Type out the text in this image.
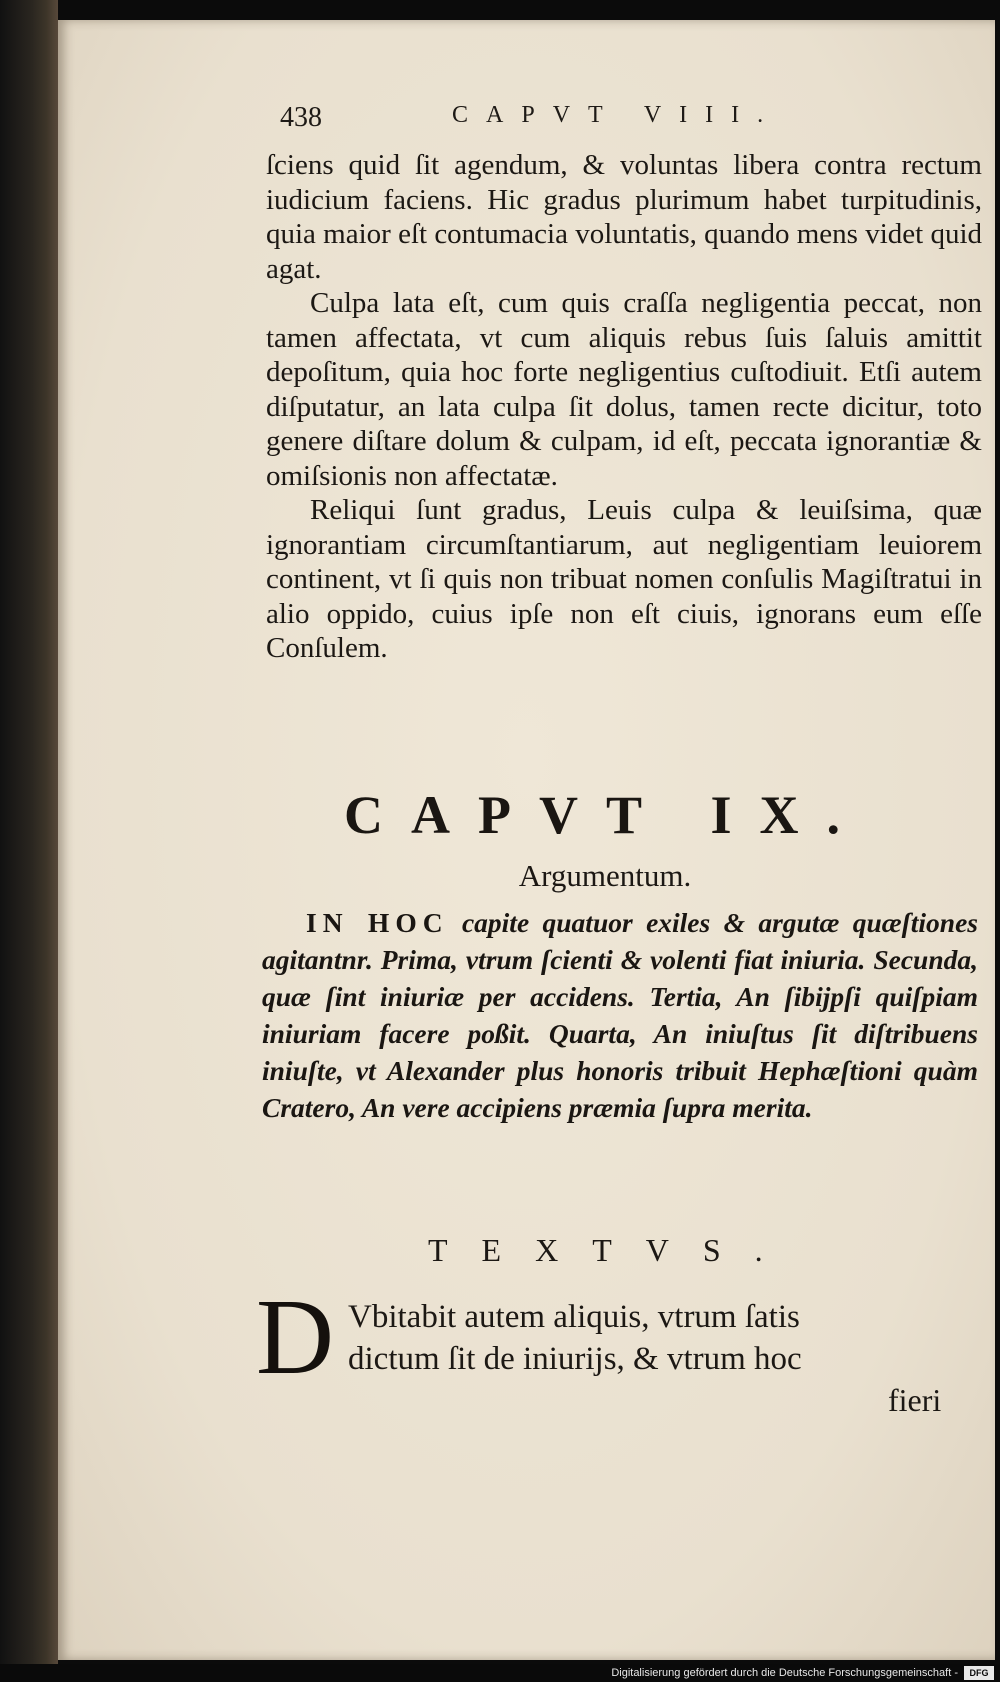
438	CAPVT VIII.

ſciens quid ſit agendum, & voluntas libera contra rectum iudicium faciens. Hic gradus plurimum habet turpitudinis, quia maior eſt contumacia voluntatis, quando mens videt quid agat.

Culpa lata eſt, cum quis craſſa negligentia peccat, non tamen affectata, vt cum aliquis rebus ſuis ſaluis amittit depoſitum, quia hoc forte negligentius cuſtodiuit. Etſi autem diſputatur, an lata culpa ſit dolus, tamen recte dicitur, toto genere diſtare dolum & culpam, id eſt, peccata ignorantiæ & omiſsionis non affectatæ.

Reliqui ſunt gradus, Leuis culpa & leuiſsima, quæ ignorantiam circumſtantiarum, aut negligentiam leuiorem continent, vt ſi quis non tribuat nomen conſulis Magiſtratui in alio oppido, cuius ipſe non eſt ciuis, ignorans eum eſſe Conſulem.

CAPVT IX.
Argumentum.

IN HOC capite quatuor exiles & argutæ quæſtiones agitantnr. Prima, vtrum ſcienti & volenti fiat iniuria. Secunda, quæ ſint iniuriæ per accidens. Tertia, An ſibijpſi quiſpiam iniuriam facere poßit. Quarta, An iniuſtus ſit diſtribuens iniuſte, vt Alexander plus honoris tribuit Hephæſtioni quàm Cratero, An vere accipiens præmia ſupra merita.

TEXTVS.
D Vbitabit autem aliquis, vtrum ſatis
dictum ſit de iniurijs, & vtrum hoc
fieri
Digitalisierung gefördert durch die Deutsche Forschungsgemeinschaft -	DFG
